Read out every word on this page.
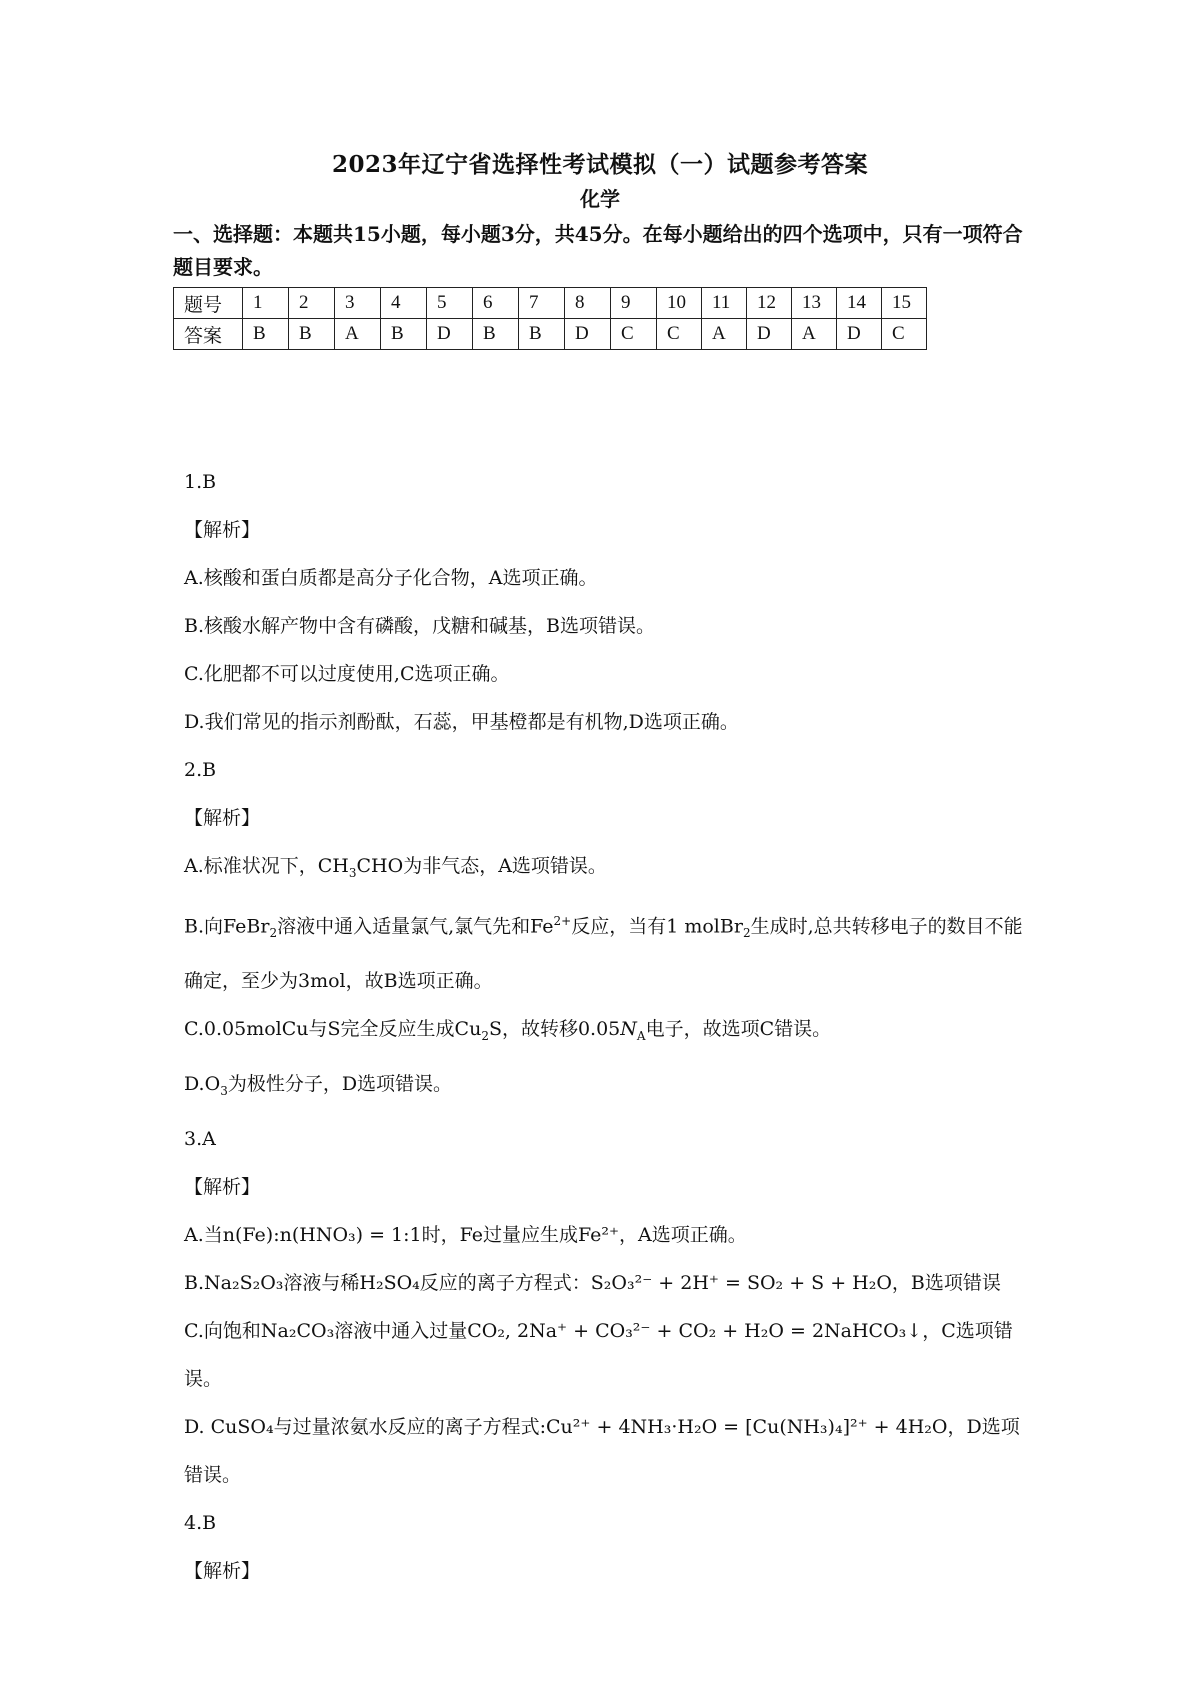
2023年辽宁省选择性考试模拟（一）试题参考答案
化学
一、选择题：本题共15小题，每小题3分，共45分。在每小题给出的四个选项中，只有一项符合题目要求。
题号	1	2	3	4	5	6	7	8	9	10	11	12	13	14	15
答案	B	B	A	B	D	B	B	D	C	C	A	D	A	D	C
1.B
【解析】
A.核酸和蛋白质都是高分子化合物，A选项正确。
B.核酸水解产物中含有磷酸，戊糖和碱基，B选项错误。
C.化肥都不可以过度使用,C选项正确。
D.我们常见的指示剂酚酞，石蕊，甲基橙都是有机物,D选项正确。
2.B
【解析】
A.标准状况下，$CH_3CHO$为非气态，A选项错误。
B.向FeBr$_2$溶液中通入适量氯气,氯气先和$Fe^{2+}$反应，当有1 molBr$_2$生成时,总共转移电子的数目不能确定，至少为3mol，故B选项正确。
C.0.05molCu与S完全反应生成$Cu_2S$，故转移$0.05N_A$电子，故选项C错误。
$D.O_3$为极性分子，D选项错误。
3.A
【解析】
A.当n(Fe):n(HNO₃) = 1:1时，Fe过量应生成Fe²⁺，A选项正确。
B.Na₂S₂O₃溶液与稀H₂SO₄反应的离子方程式：S₂O₃²⁻ + 2H⁺ = SO₂ + S + H₂O，B选项错误
C.向饱和Na₂CO₃溶液中通入过量CO₂, 2Na⁺ + CO₃²⁻ + CO₂ + H₂O = 2NaHCO₃↓，C选项错误。
D. CuSO₄与过量浓氨水反应的离子方程式:Cu²⁺ + 4NH₃·H₂O = [Cu(NH₃)₄]²⁺ + 4H₂O，D选项错误。
4.B
【解析】
